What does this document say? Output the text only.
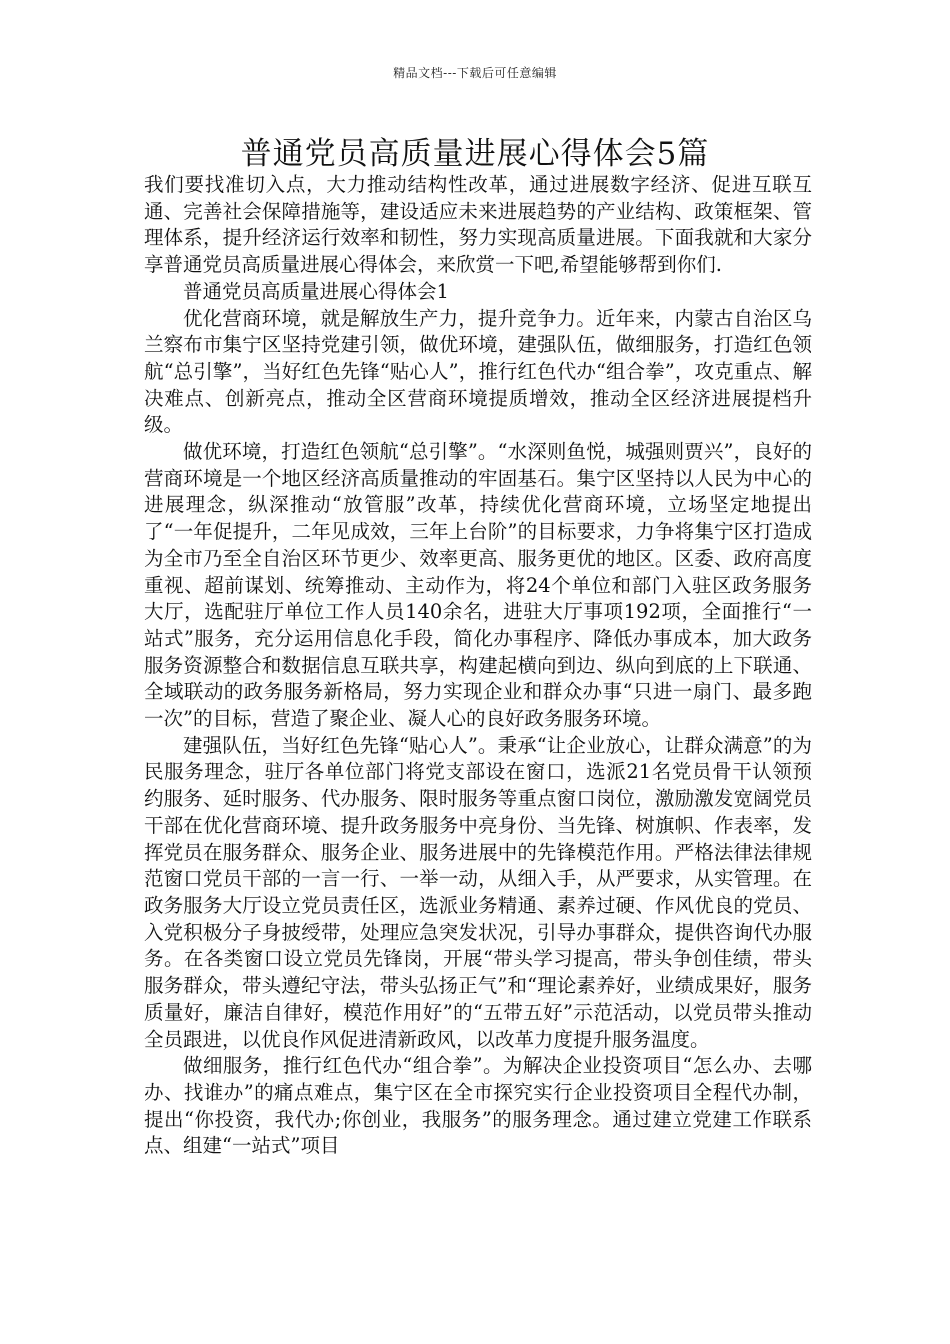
精品文档---下载后可任意编辑
普通党员高质量进展心得体会5篇

我们要找准切入点，大力推动结构性改革，通过进展数字经济、促进互联互通、完善社会保障措施等，建设适应未来进展趋势的产业结构、政策框架、管理体系，提升经济运行效率和韧性，努力实现高质量进展。下面我就和大家分享普通党员高质量进展心得体会，来欣赏一下吧,希望能够帮到你们.

普通党员高质量进展心得体会1

优化营商环境，就是解放生产力，提升竞争力。近年来，内蒙古自治区乌兰察布市集宁区坚持党建引领，做优环境，建强队伍，做细服务，打造红色领航“总引擎”，当好红色先锋“贴心人”，推行红色代办“组合拳”，攻克重点、解决难点、创新亮点，推动全区营商环境提质增效，推动全区经济进展提档升级。

做优环境，打造红色领航“总引擎”。“水深则鱼悦，城强则贾兴”，良好的营商环境是一个地区经济高质量推动的牢固基石。集宁区坚持以人民为中心的进展理念，纵深推动“放管服”改革，持续优化营商环境，立场坚定地提出了“一年促提升，二年见成效，三年上台阶”的目标要求，力争将集宁区打造成为全市乃至全自治区环节更少、效率更高、服务更优的地区。区委、政府高度重视、超前谋划、统筹推动、主动作为，将24个单位和部门入驻区政务服务大厅，选配驻厅单位工作人员140余名，进驻大厅事项192项，全面推行“一站式”服务，充分运用信息化手段，简化办事程序、降低办事成本，加大政务服务资源整合和数据信息互联共享，构建起横向到边、纵向到底的上下联通、全域联动的政务服务新格局，努力实现企业和群众办事“只进一扇门、最多跑一次”的目标，营造了聚企业、凝人心的良好政务服务环境。

建强队伍，当好红色先锋“贴心人”。秉承“让企业放心，让群众满意”的为民服务理念，驻厅各单位部门将党支部设在窗口，选派21名党员骨干认领预约服务、延时服务、代办服务、限时服务等重点窗口岗位，激励激发宽阔党员干部在优化营商环境、提升政务服务中亮身份、当先锋、树旗帜、作表率，发挥党员在服务群众、服务企业、服务进展中的先锋模范作用。严格法律法律规范窗口党员干部的一言一行、一举一动，从细入手，从严要求，从实管理。在政务服务大厅设立党员责任区，选派业务精通、素养过硬、作风优良的党员、入党积极分子身披绶带，处理应急突发状况，引导办事群众，提供咨询代办服务。在各类窗口设立党员先锋岗，开展“带头学习提高，带头争创佳绩，带头服务群众，带头遵纪守法，带头弘扬正气”和“理论素养好，业绩成果好，服务质量好，廉洁自律好，模范作用好”的“五带五好”示范活动，以党员带头推动全员跟进，以优良作风促进清新政风，以改革力度提升服务温度。

做细服务，推行红色代办“组合拳”。为解决企业投资项目“怎么办、去哪办、找谁办”的痛点难点，集宁区在全市探究实行企业投资项目全程代办制，提出“你投资，我代办;你创业，我服务”的服务理念。通过建立党建工作联系点、组建“一站式”项目
